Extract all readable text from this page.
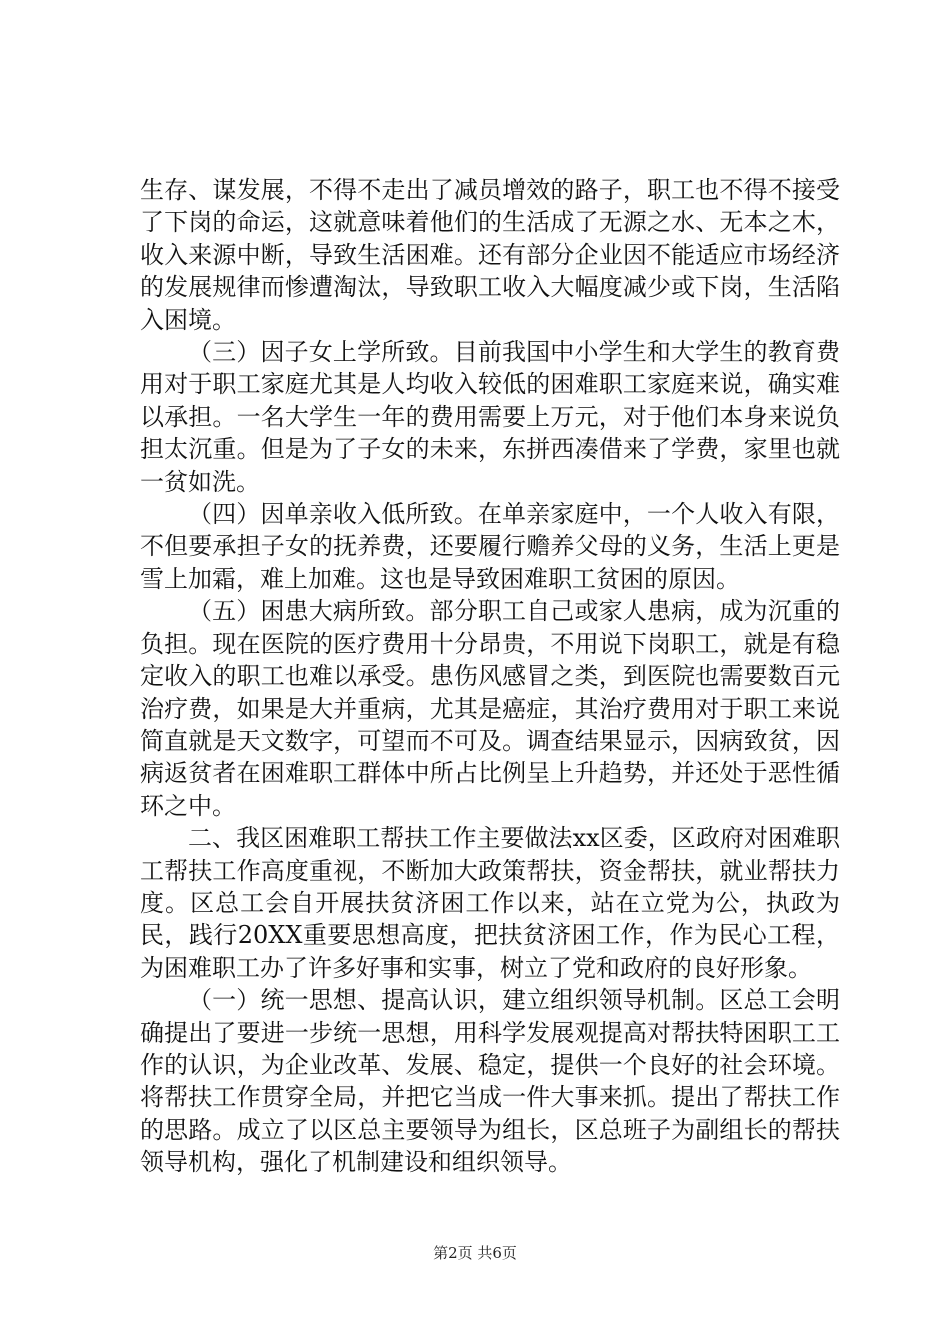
生存、谋发展，不得不走出了减员增效的路子，职工也不得不接受了下岗的命运，这就意味着他们的生活成了无源之水、无本之木，收入来源中断，导致生活困难。还有部分企业因不能适应市场经济的发展规律而惨遭淘汰，导致职工收入大幅度减少或下岗，生活陷入困境。

（三）因子女上学所致。目前我国中小学生和大学生的教育费用对于职工家庭尤其是人均收入较低的困难职工家庭来说，确实难以承担。一名大学生一年的费用需要上万元，对于他们本身来说负担太沉重。但是为了子女的未来，东拼西凑借来了学费，家里也就一贫如洗。

（四）因单亲收入低所致。在单亲家庭中，一个人收入有限，不但要承担子女的抚养费，还要履行赡养父母的义务，生活上更是雪上加霜，难上加难。这也是导致困难职工贫困的原因。

（五）困患大病所致。部分职工自己或家人患病，成为沉重的负担。现在医院的医疗费用十分昂贵，不用说下岗职工，就是有稳定收入的职工也难以承受。患伤风感冒之类，到医院也需要数百元治疗费，如果是大并重病，尤其是癌症，其治疗费用对于职工来说简直就是天文数字，可望而不可及。调查结果显示，因病致贫，因病返贫者在困难职工群体中所占比例呈上升趋势，并还处于恶性循环之中。

二、我区困难职工帮扶工作主要做法xx区委，区政府对困难职工帮扶工作高度重视，不断加大政策帮扶，资金帮扶，就业帮扶力度。区总工会自开展扶贫济困工作以来，站在立党为公，执政为民，践行20XX重要思想高度，把扶贫济困工作，作为民心工程，为困难职工办了许多好事和实事，树立了党和政府的良好形象。

（一）统一思想、提高认识，建立组织领导机制。区总工会明确提出了要进一步统一思想，用科学发展观提高对帮扶特困职工工作的认识，为企业改革、发展、稳定，提供一个良好的社会环境。将帮扶工作贯穿全局，并把它当成一件大事来抓。提出了帮扶工作的思路。成立了以区总主要领导为组长，区总班子为副组长的帮扶领导机构，强化了机制建设和组织领导。

第2页 共6页
